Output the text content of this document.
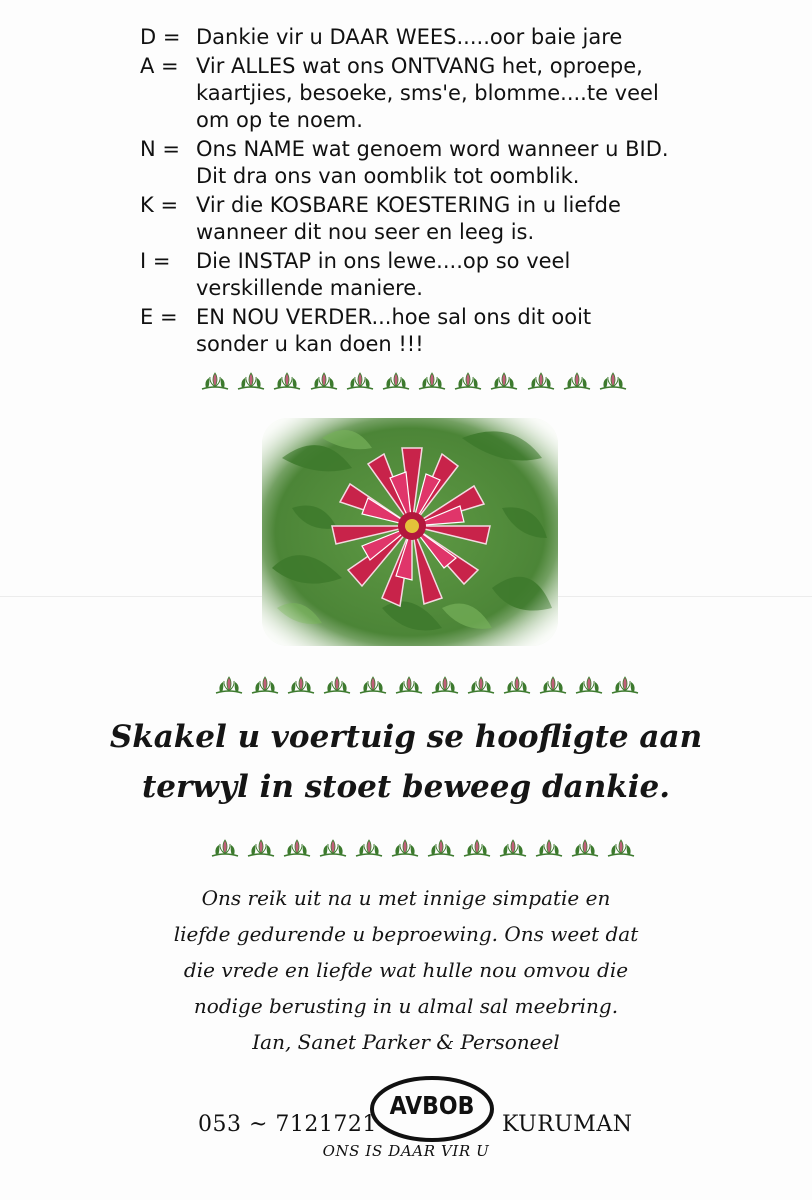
D = Dankie vir u DAAR WEES.....oor baie jare
A = Vir ALLES wat ons ONTVANG het, oproepe,
kaartjies, besoeke, sms'e, blomme....te veel
om op te noem.
N = Ons NAME wat genoem word wanneer u BID.
Dit dra ons van oomblik tot oomblik.
K = Vir die KOSBARE KOESTERING in u liefde
wanneer dit nou seer en leeg is.
I =	Die INSTAP in ons lewe....op so veel
verskillende maniere.
E = EN NOU VERDER...hoe sal ons dit ooit
sonder u kan doen !!!
Skakel u voertuig se hoofligte aan
terwyl in stoet beweeg dankie.
Ons reik uit na u met innige simpatie en
liefde gedurende u beproewing. Ons weet dat
die vrede en liefde wat hulle nou omvou die
nodige berusting in u almal sal meebring.
Ian, Sanet Parker & Personeel
053 ~ 7121721
AVBOB
KURUMAN
ONS IS DAAR VIR U
